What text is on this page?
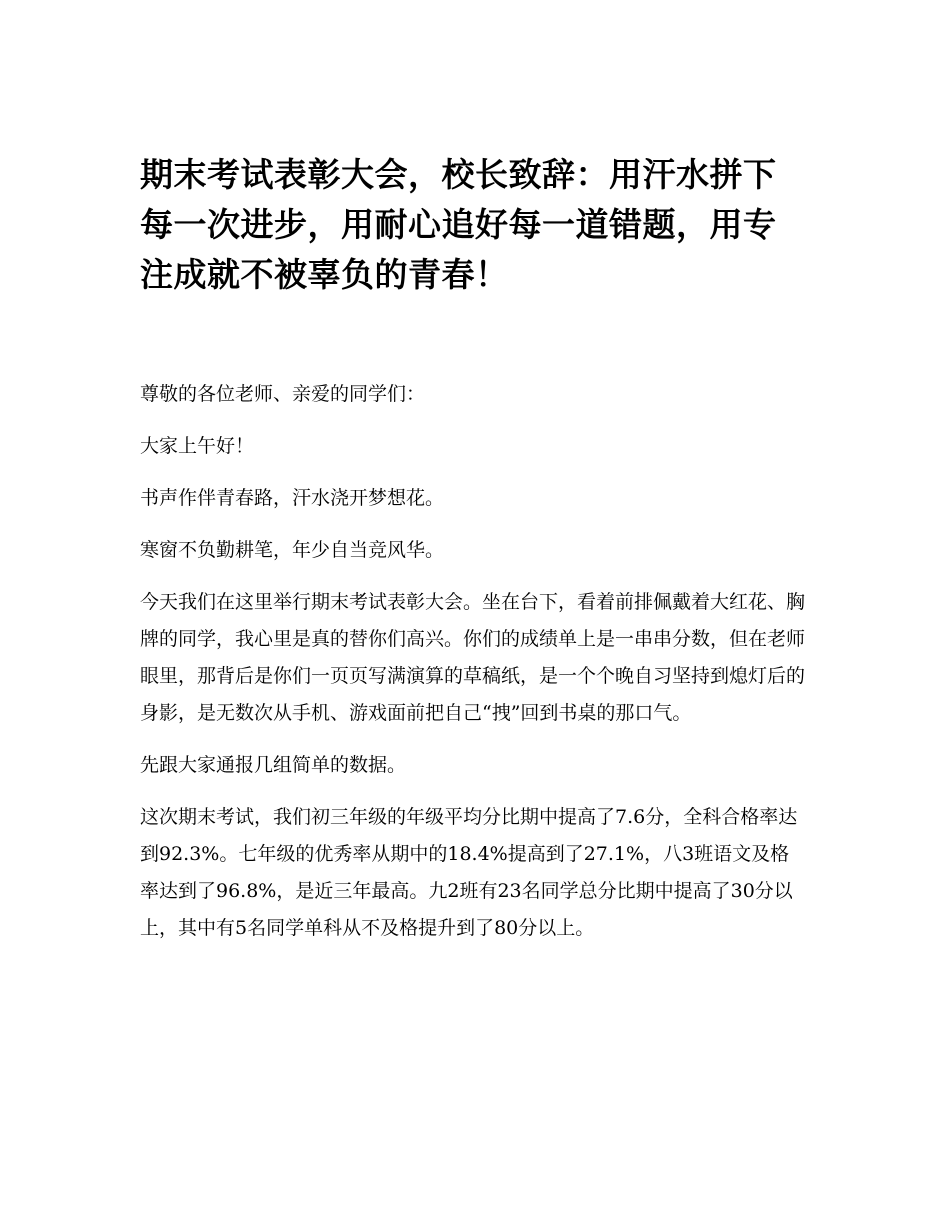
期末考试表彰大会，校长致辞：用汗水拼下每一次进步，用耐心追好每一道错题，用专注成就不被辜负的青春！

尊敬的各位老师、亲爱的同学们：

大家上午好！

书声作伴青春路，汗水浇开梦想花。

寒窗不负勤耕笔，年少自当竞风华。

今天我们在这里举行期末考试表彰大会。坐在台下，看着前排佩戴着大红花、胸牌的同学，我心里是真的替你们高兴。你们的成绩单上是一串串分数，但在老师眼里，那背后是你们一页页写满演算的草稿纸，是一个个晚自习坚持到熄灯后的身影，是无数次从手机、游戏面前把自己“拽”回到书桌的那口气。

先跟大家通报几组简单的数据。

这次期末考试，我们初三年级的年级平均分比期中提高了7.6分，全科合格率达到92.3%。七年级的优秀率从期中的18.4%提高到了27.1%，八3班语文及格率达到了96.8%，是近三年最高。九2班有23名同学总分比期中提高了30分以上，其中有5名同学单科从不及格提升到了80分以上。
